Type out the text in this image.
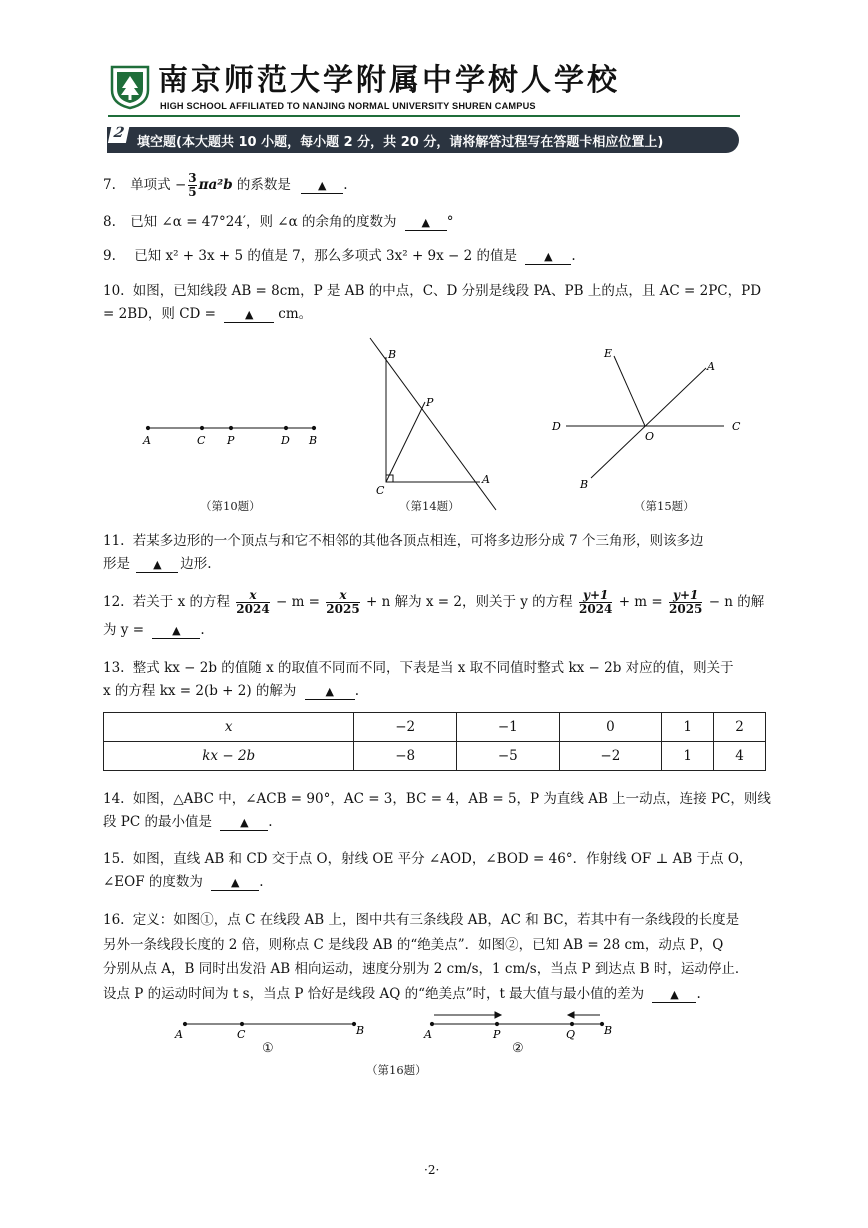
南京师范大学附属中学树人学校
HIGH SCHOOL AFFILIATED TO NANJING NORMAL UNIVERSITY SHUREN CAMPUS
2
填空题(本大题共 10 小题，每小题 2 分，共 20 分，请将解答过程写在答题卡相应位置上)
7. 单项式 − $\frac{3}{5} \pi a^2b$ 的系数是 ▲ .
8. 已知 ∠α = 47°24′，则 ∠α 的余角的度数为 ▲ °
9. 已知 x² + 3x + 5 的值是 7，那么多项式 3x² + 9x − 2 的值是 ▲ .
10. 如图，已知线段 AB = 8cm，P 是 AB 的中点，C、D 分别是线段 PA、PB 上的点，且 AC = 2PC，PD
= 2BD，则 CD =	▲ cm。
A	C P	D B
B
P
A
C
E
A
D
O
C
B
（第10题）	（第14题）	（第15题）
11. 若某多边形的一个顶点与和它不相邻的其他各顶点相连，可将多边形分成 7 个三角形，则该多边
形是 ▲ 边形.
12. 若关于 x 的方程 $\frac{x}{2024} - m = \frac{x}{2025} + n$ 解为 x = 2，则关于 y 的方程 $\frac{y+1}{2024} + m = \frac{y+1}{2025} - n$ 的解
为 y =	▲ .
13. 整式 kx − 2b 的值随 x 的取值不同而不同，下表是当 x 取不同值时整式 kx − 2b 对应的值，则关于
x 的方程 kx = 2(b + 2) 的解为	▲ .
x	−2	−1	0	1	2
kx − 2b	−8	−5	−2	1	4
14. 如图，△ABC 中，∠ACB = 90°，AC = 3，BC = 4，AB = 5，P 为直线 AB 上一动点，连接 PC，则线
段 PC 的最小值是	▲ .
15. 如图，直线 AB 和 CD 交于点 O，射线 OE 平分 ∠AOD，∠BOD = 46°．作射线 OF ⊥ AB 于点 O，
∠EOF 的度数为	▲ .
16. 定义：如图①，点 C 在线段 AB 上，图中共有三条线段 AB，AC 和 BC，若其中有一条线段的长度是
另外一条线段长度的 2 倍，则称点 C 是线段 AB 的“绝美点”．如图②，已知 AB = 28 cm，动点 P，Q
分别从点 A，B 同时出发沿 AB 相向运动，速度分别为 2 cm/s，1 cm/s，当点 P 到达点 B 时，运动停止．
设点 P 的运动时间为 t s，当点 P 恰好是线段 AQ 的“绝美点”时，t 最大值与最小值的差为 ▲ .
A	C	B	A	P	Q	B
①	②
（第16题）
·2·
